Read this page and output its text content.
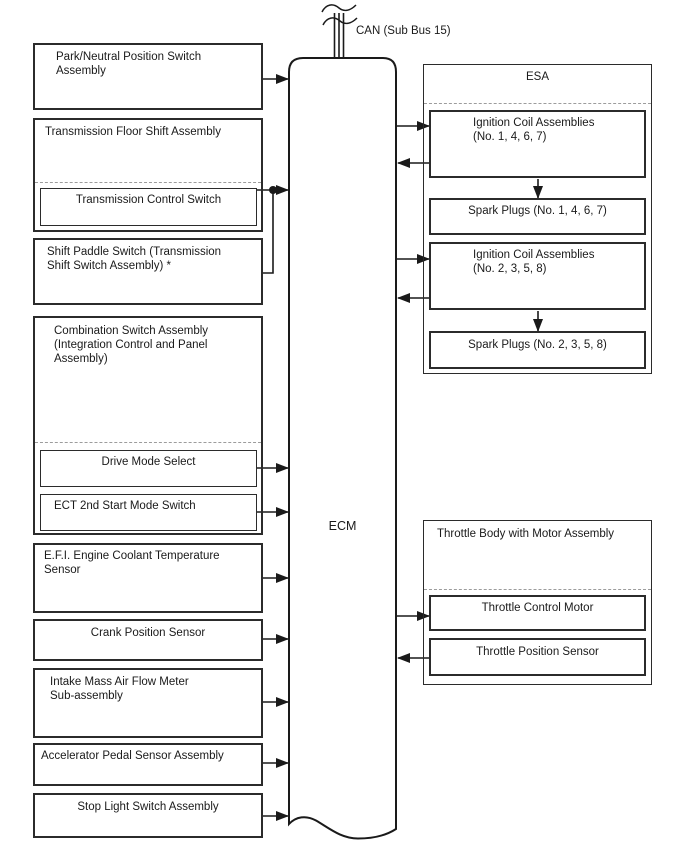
CAN (Sub Bus 15)
ECM
Park/Neutral Position Switch Assembly
Transmission Floor Shift Assembly
Transmission Control Switch
Shift Paddle Switch (Transmission Shift Switch Assembly) *
Combination Switch Assembly (Integration Control and Panel Assembly)
Drive Mode Select
ECT 2nd Start Mode Switch
E.F.I. Engine Coolant Temperature Sensor
Crank Position Sensor
Intake Mass Air Flow Meter Sub-assembly
Accelerator Pedal Sensor Assembly
Stop Light Switch Assembly
ESA
Ignition Coil Assemblies (No. 1, 4, 6, 7)
Spark Plugs (No. 1, 4, 6, 7)
Ignition Coil Assemblies (No. 2, 3, 5, 8)
Spark Plugs (No. 2, 3, 5, 8)
Throttle Body with Motor Assembly
Throttle Control Motor
Throttle Position Sensor
